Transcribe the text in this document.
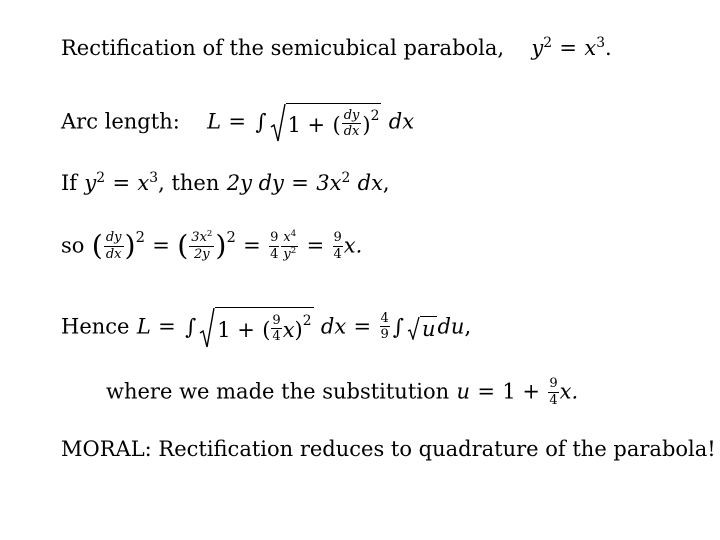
Rectification of the semicubical parabola, $y^2 = x^3$.
Arc length: L = ∫ 1 + ( $\frac{dy}{dx} )^2$ dx
If $y^2 = x^3$, then 2y dy = $3x^2$ dx,
so ( $\frac{dy}{dx} )^2$ = ( $\frac{3x^2}{2y} )^2 = \frac{9}{4} \frac{x^4}{y^2} = \frac{9}{4} x$.
Hence L = ∫ 1 + ( $\frac{9}{4}$ x )$^2$ dx = $\frac{4}{9}$ ∫ u du,
where we made the substitution $u = 1 + \frac{9}{4} x$.
MORAL: Rectification reduces to quadrature of the parabola!
